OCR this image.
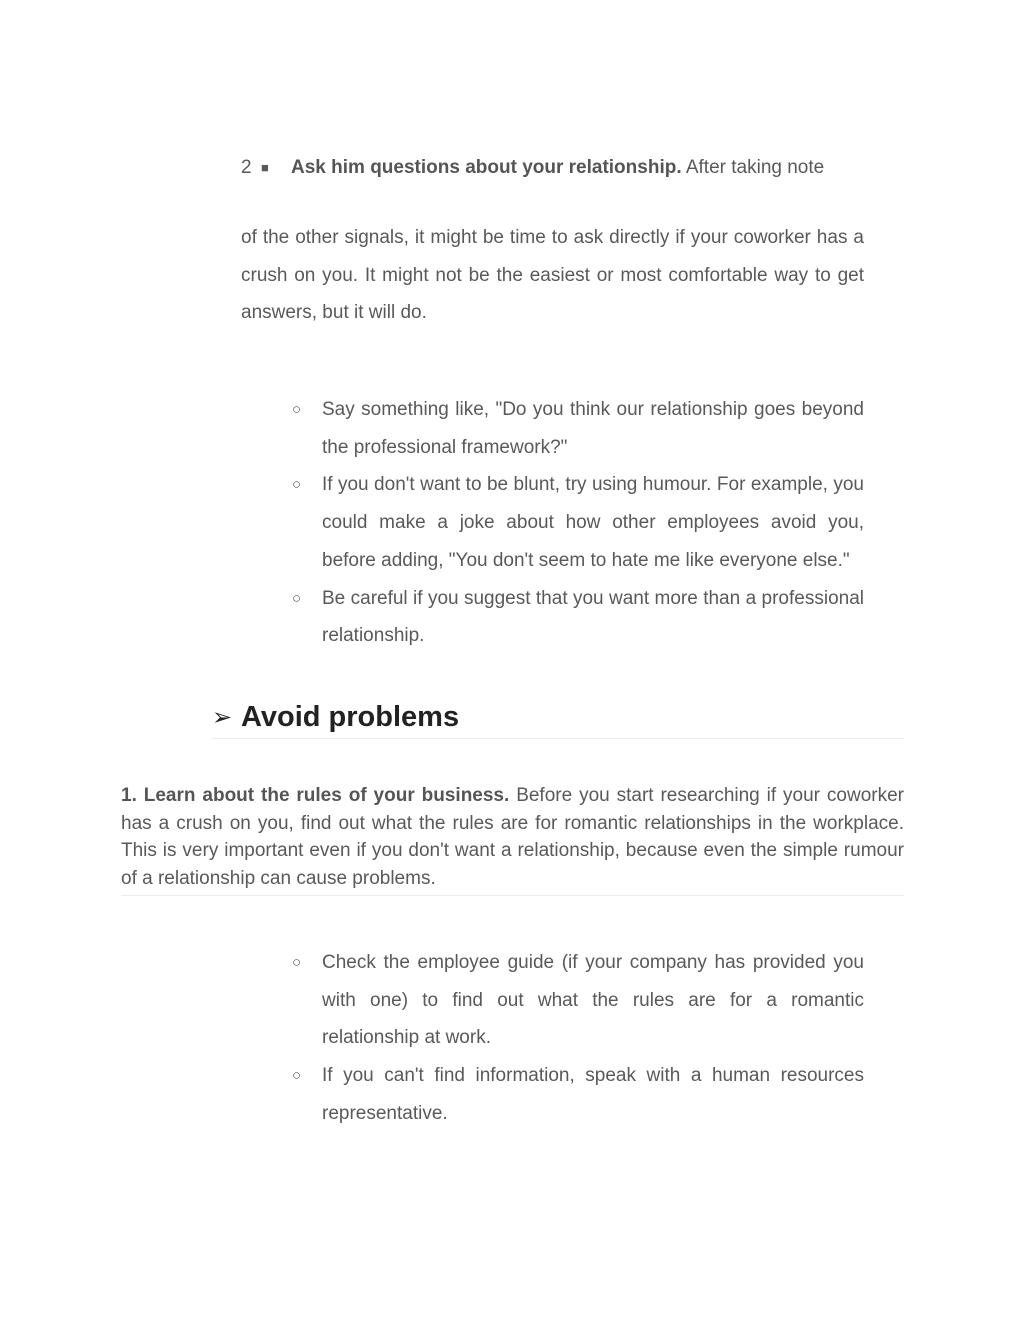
2 ■ Ask him questions about your relationship. After taking note
of the other signals, it might be time to ask directly if your coworker has a crush on you. It might not be the easiest or most comfortable way to get answers, but it will do.
○ Say something like, "Do you think our relationship goes beyond the professional framework?"
○ If you don't want to be blunt, try using humour. For example, you could make a joke about how other employees avoid you, before adding, "You don't seem to hate me like everyone else."
○ Be careful if you suggest that you want more than a professional relationship.
➢ Avoid problems
1. Learn about the rules of your business. Before you start researching if your coworker has a crush on you, find out what the rules are for romantic relationships in the workplace. This is very important even if you don't want a relationship, because even the simple rumour of a relationship can cause problems.
○ Check the employee guide (if your company has provided you with one) to find out what the rules are for a romantic relationship at work.
○ If you can't find information, speak with a human resources representative.
